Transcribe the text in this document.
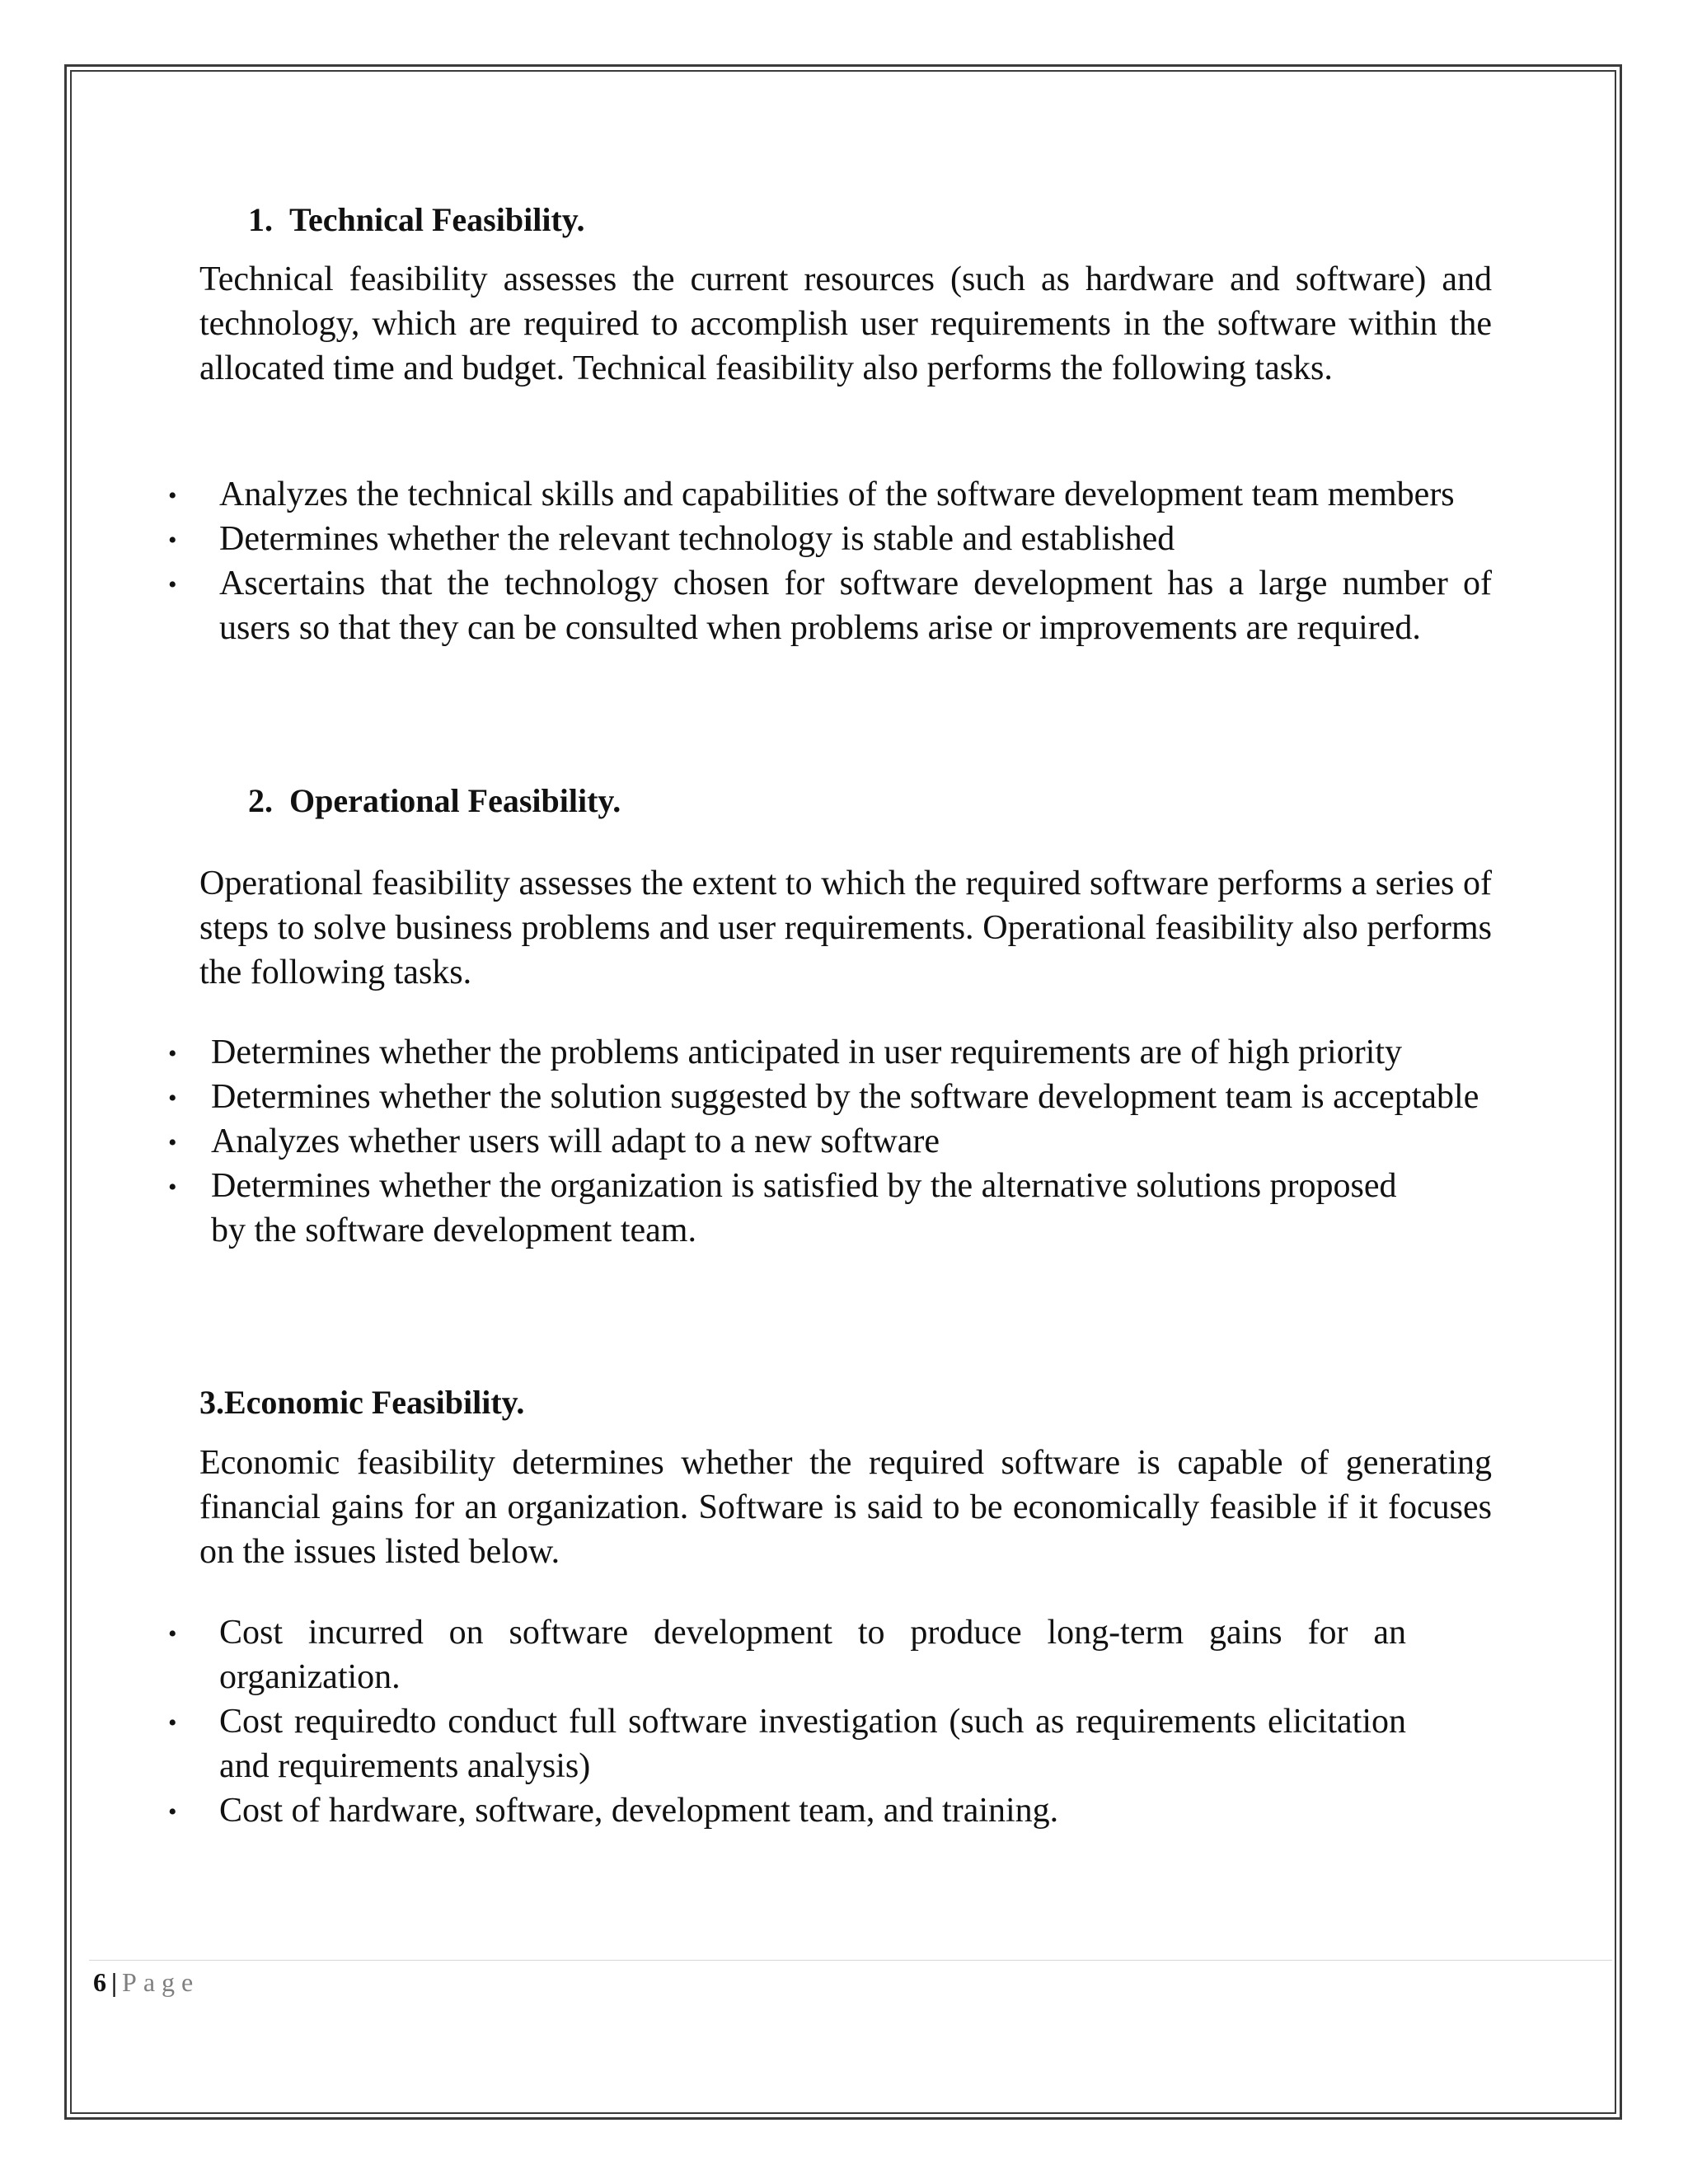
1. Technical Feasibility.
Technical feasibility assesses the current resources (such as hardware and software) and technology, which are required to accomplish user requirements in the software within the allocated time and budget. Technical feasibility also performs the following tasks.
• Analyzes the technical skills and capabilities of the software development team members
• Determines whether the relevant technology is stable and established
• Ascertains that the technology chosen for software development has a large number of users so that they can be consulted when problems arise or improvements are required.
2. Operational Feasibility.
Operational feasibility assesses the extent to which the required software performs a series of steps to solve business problems and user requirements. Operational feasibility also performs the following tasks.
• Determines whether the problems anticipated in user requirements are of high priority
• Determines whether the solution suggested by the software development team is acceptable
• Analyzes whether users will adapt to a new software
• Determines whether the organization is satisfied by the alternative solutions proposed by the software development team.
3.Economic Feasibility.
Economic feasibility determines whether the required software is capable of generating financial gains for an organization. Software is said to be economically feasible if it focuses on the issues listed below.
• Cost incurred on software development to produce long-term gains for an organization.
• Cost requiredto conduct full software investigation (such as requirements elicitation and requirements analysis)
• Cost of hardware, software, development team, and training.
6 | Page
